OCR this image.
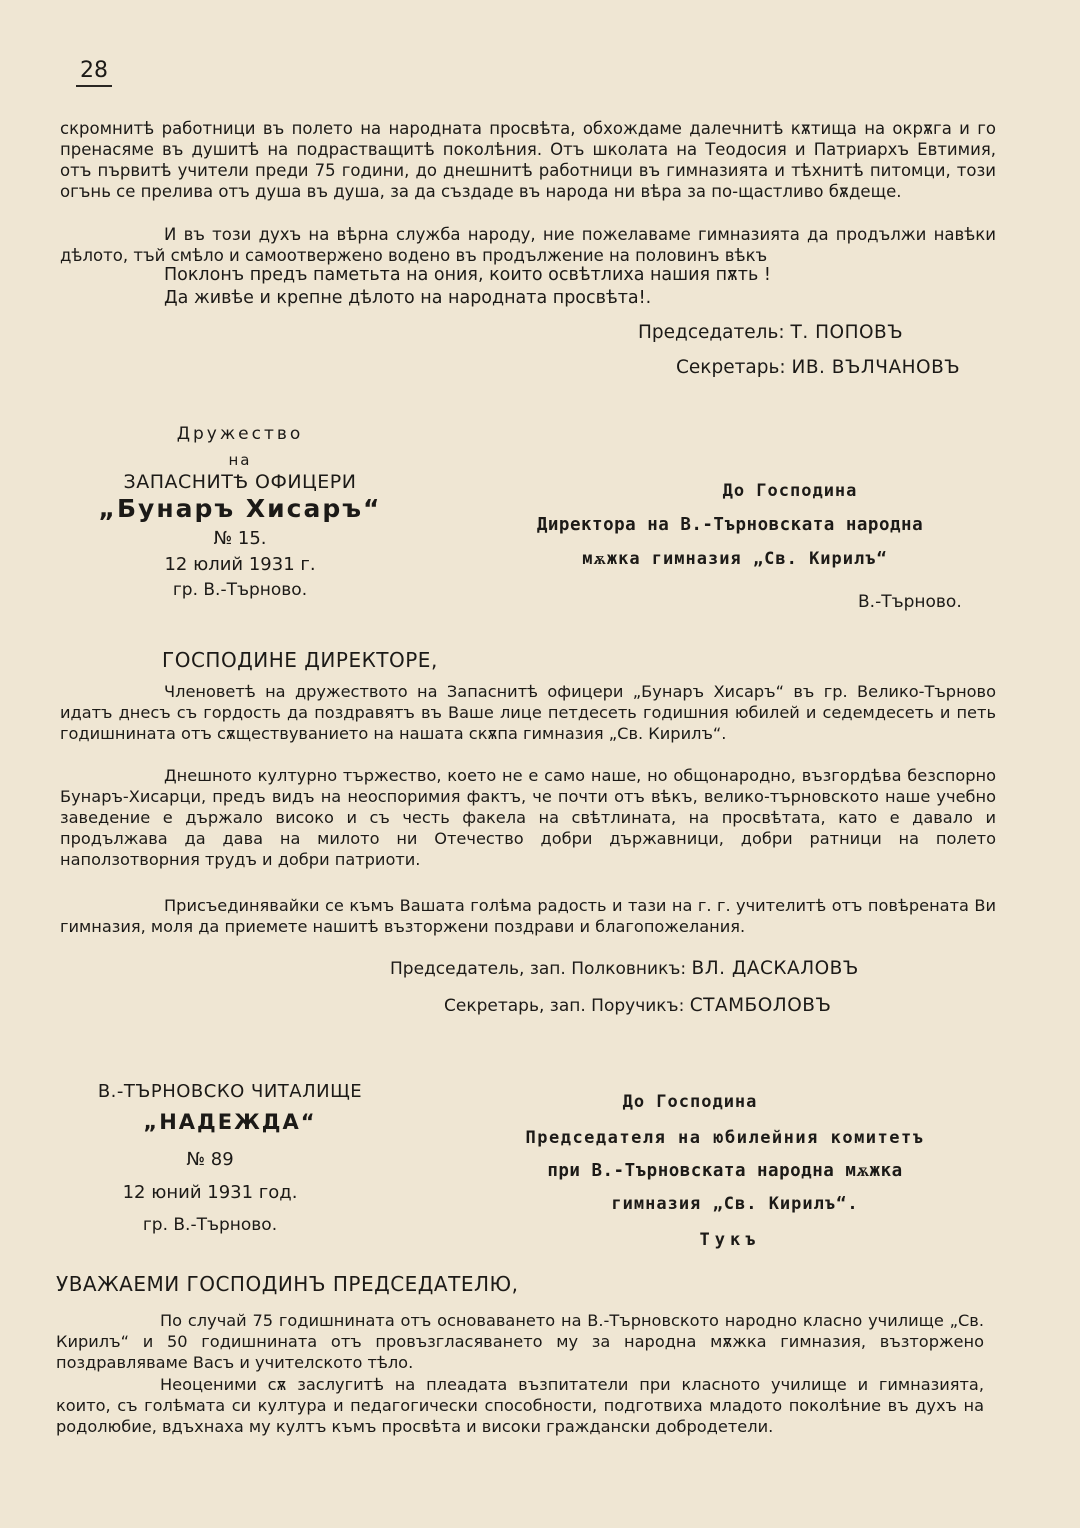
28

скромнитѣ работници въ полето на народната просвѣта, обхождаме далечнитѣ кѫтища на окрѫга и го пренасяме въ душитѣ на подрастващитѣ поколѣния. Отъ школата на Теодосия и Патриархъ Евтимия, отъ първитѣ учители преди 75 години, до днешнитѣ работници въ гимназията и тѣхнитѣ питомци, този огънь се прелива отъ душа въ душа, за да създаде въ народа ни вѣра за по-щастливо бѫдеще.

И въ този духъ на вѣрна служба народу, ние пожелаваме гимназията да продължи навѣки дѣлото, тъй смѣло и самоотвержено водено въ продължение на половинъ вѣкъ

Поклонъ предъ паметьта на ония, които освѣтлиха нашия пѫть !
Да живѣе и крепне дѣлото на народната просвѣта!.
Председатель: Т. ПОПОВЪ
Секретарь: ИВ. ВЪЛЧАНОВЪ
Дружество
на
ЗАПАСНИТѢ ОФИЦЕРИ
„Бунаръ Хисаръ“
№ 15.
12 юлий 1931 г.
гр. В.-Търново.
До Господина
Директора на В.-Търновската народна
мѫжка гимназия „Св. Кирилъ“
В.-Търново.
ГОСПОДИНЕ ДИРЕКТОРЕ,

Членоветѣ на дружеството на Запаснитѣ офицери „Бунаръ Хисаръ“ въ гр. Велико-Търново идатъ днесъ съ гордость да поздравятъ въ Ваше лице петдесеть годишния юбилей и седемдесеть и петь годишнината отъ сѫществуванието на нашата скѫпа гимназия „Св. Кирилъ“.

Днешното културно тържество, което не е само наше, но общонародно, възгордѣва безспорно Бунаръ-Хисарци, предъ видъ на неоспоримия фактъ, че почти отъ вѣкъ, велико-търновското наше учебно заведение е държало високо и съ честь факела на свѣтлината, на просвѣтата, като е давало и продължава да дава на милото ни Отечество добри държавници, добри ратници на полето наползотворния трудъ и добри патриоти.

Присъединявайки се къмъ Вашата голѣма радость и тази на г. г. учителитѣ отъ повѣрената Ви гимназия, моля да приемете нашитѣ възторжени поздрави и благопожелания.

Председатель, зап. Полковникъ: ВЛ. ДАСКАЛОВЪ
Секретарь, зап. Поручикъ: СТАМБОЛОВЪ
В.-ТЪРНОВСКО ЧИТАЛИЩЕ
„НАДЕЖДА“
№ 89
12 юний 1931 год.
гр. В.-Търново.
До Господина
Председателя на юбилейния комитетъ
при В.-Търновската народна мѫжка
гимназия „Св. Кирилъ“.
Тукъ
УВАЖАЕМИ ГОСПОДИНЪ ПРЕДСЕДАТЕЛЮ,

По случай 75 годишнината отъ основаването на В.-Търновското народно класно училище „Св. Кирилъ“ и 50 годишнината отъ провъзгласяването му за народна мѫжка гимназия, възторжено поздравляваме Васъ и учителското тѣло.

Неоценими сѫ заслугитѣ на плеадата възпитатели при класното училище и гимназията, които, съ голѣмата си култура и педагогически способности, подготвиха младото поколѣние въ духъ на родолюбие, вдъхнаха му култъ къмъ просвѣта и високи граждански добродетели.
